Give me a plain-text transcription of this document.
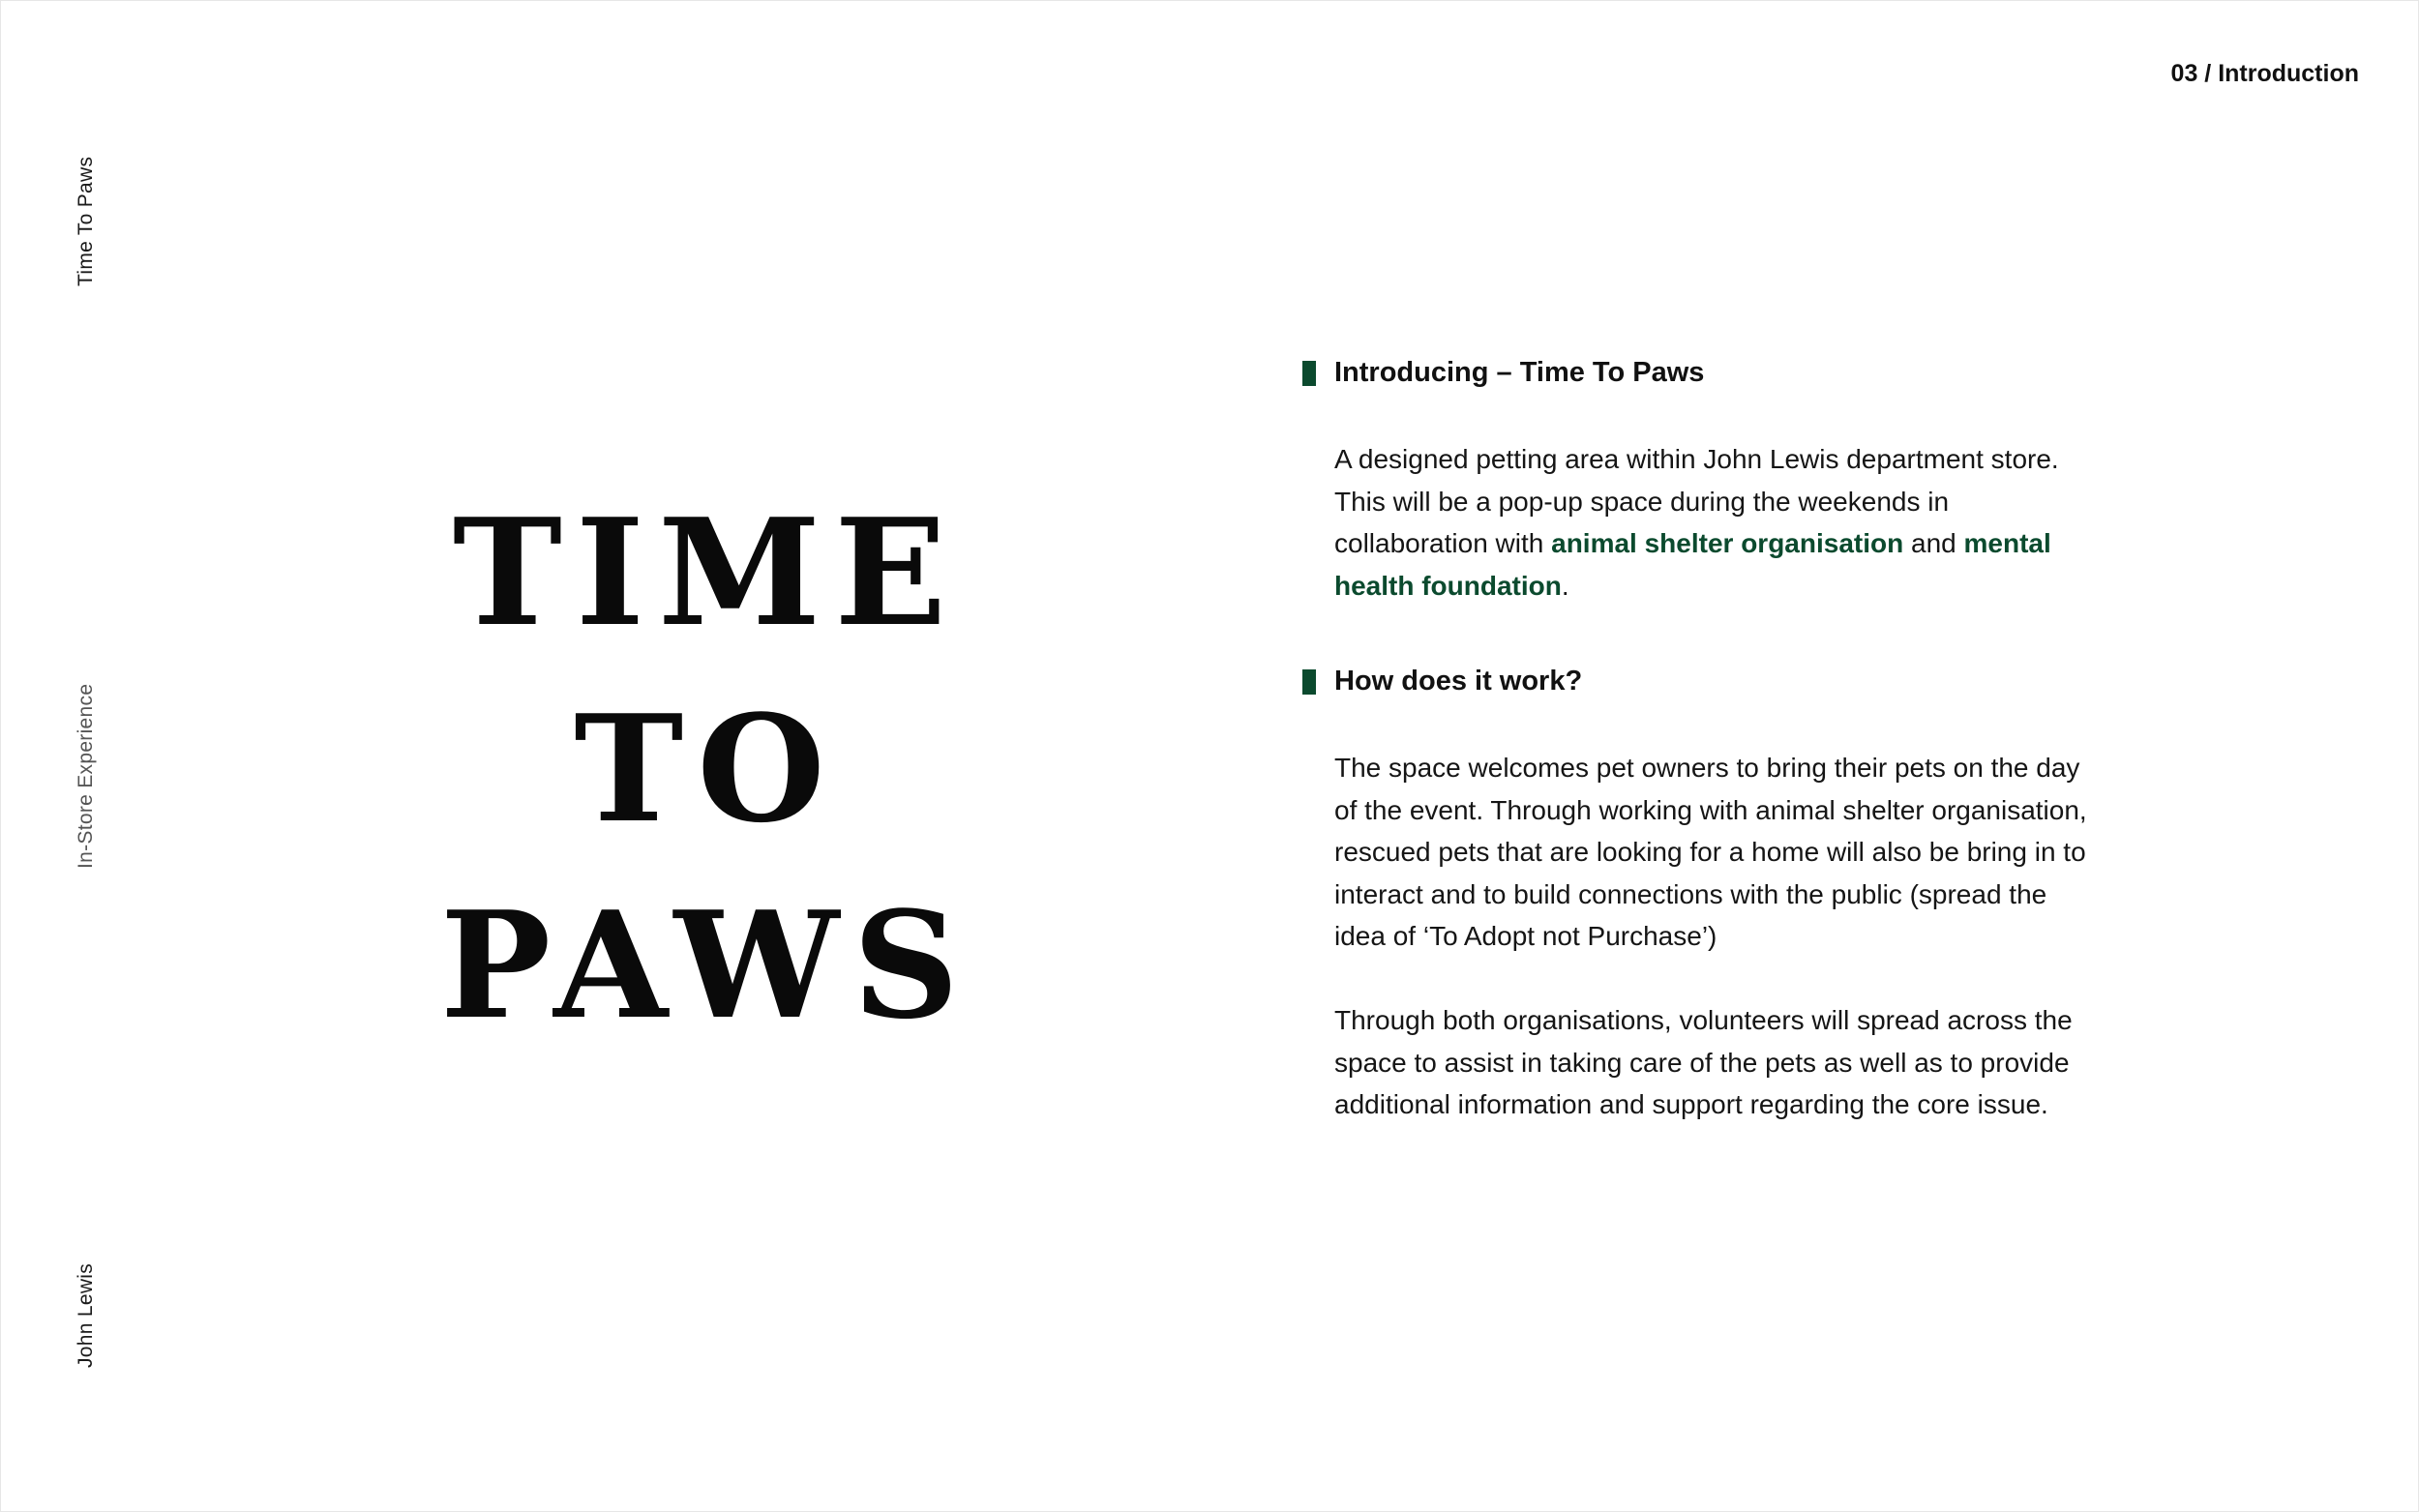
Time To Paws
In-Store Experience
John Lewis
03 / Introduction
TIME
TO
PAWS
Introducing – Time To Paws
A designed petting area within John Lewis department store. This will be a pop-up space during the weekends in collaboration with animal shelter organisation and mental health foundation.
How does it work?
The space welcomes pet owners to bring their pets on the day of the event. Through working with animal shelter organisation, rescued pets that are looking for a home will also be bring in to interact and to build connections with the public (spread the idea of ‘To Adopt not Purchase’)
Through both organisations, volunteers will spread across the space to assist in taking care of the pets as well as to provide additional information and support regarding the core issue.
